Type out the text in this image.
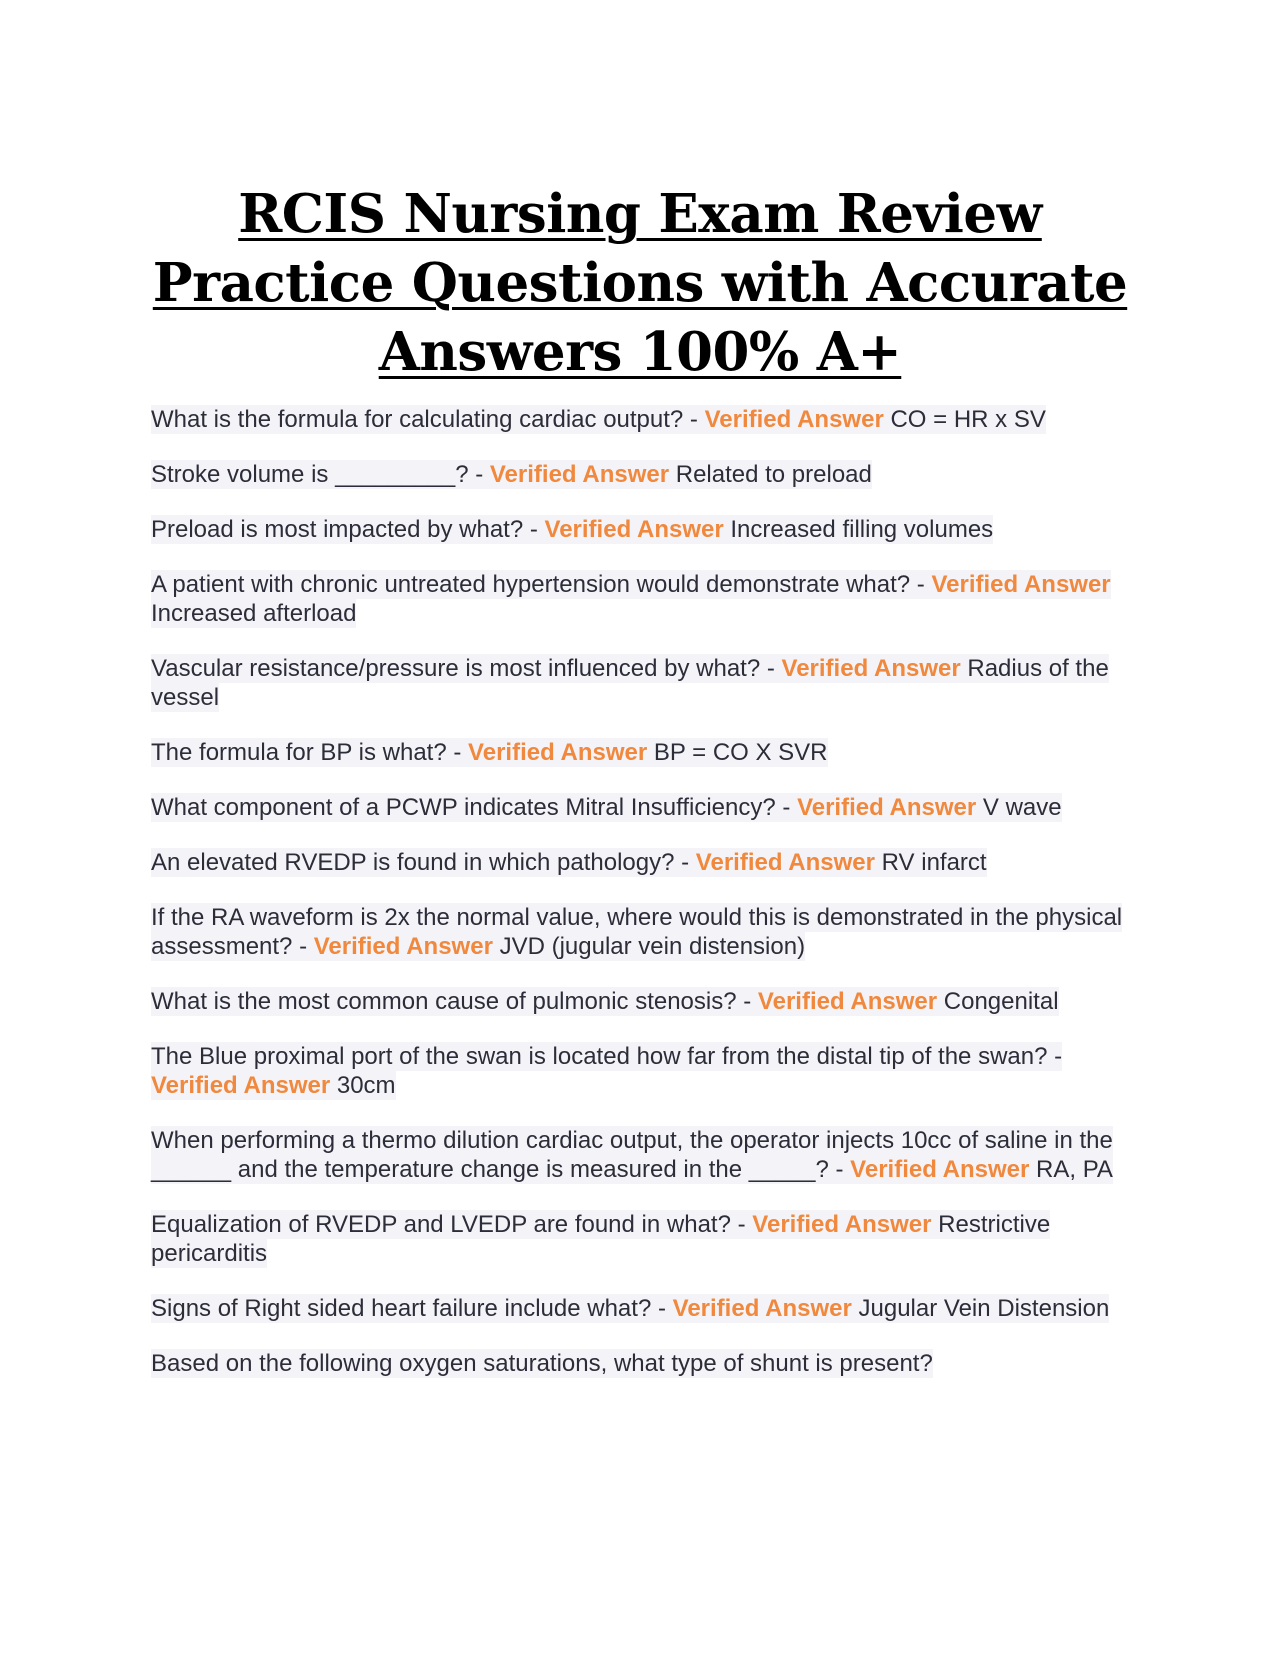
RCIS Nursing Exam Review Practice Questions with Accurate Answers 100% A+

What is the formula for calculating cardiac output? - Verified Answer CO = HR x SV

Stroke volume is _________? - Verified Answer Related to preload

Preload is most impacted by what? - Verified Answer Increased filling volumes

A patient with chronic untreated hypertension would demonstrate what? - Verified Answer Increased afterload

Vascular resistance/pressure is most influenced by what? - Verified Answer Radius of the vessel

The formula for BP is what? - Verified Answer BP = CO X SVR

What component of a PCWP indicates Mitral Insufficiency? - Verified Answer V wave

An elevated RVEDP is found in which pathology? - Verified Answer RV infarct

If the RA waveform is 2x the normal value, where would this is demonstrated in the physical assessment? - Verified Answer JVD (jugular vein distension)

What is the most common cause of pulmonic stenosis? - Verified Answer Congenital

The Blue proximal port of the swan is located how far from the distal tip of the swan? - Verified Answer 30cm

When performing a thermo dilution cardiac output, the operator injects 10cc of saline in the ______ and the temperature change is measured in the _____? - Verified Answer RA, PA

Equalization of RVEDP and LVEDP are found in what? - Verified Answer Restrictive pericarditis

Signs of Right sided heart failure include what? - Verified Answer Jugular Vein Distension

Based on the following oxygen saturations, what type of shunt is present?
